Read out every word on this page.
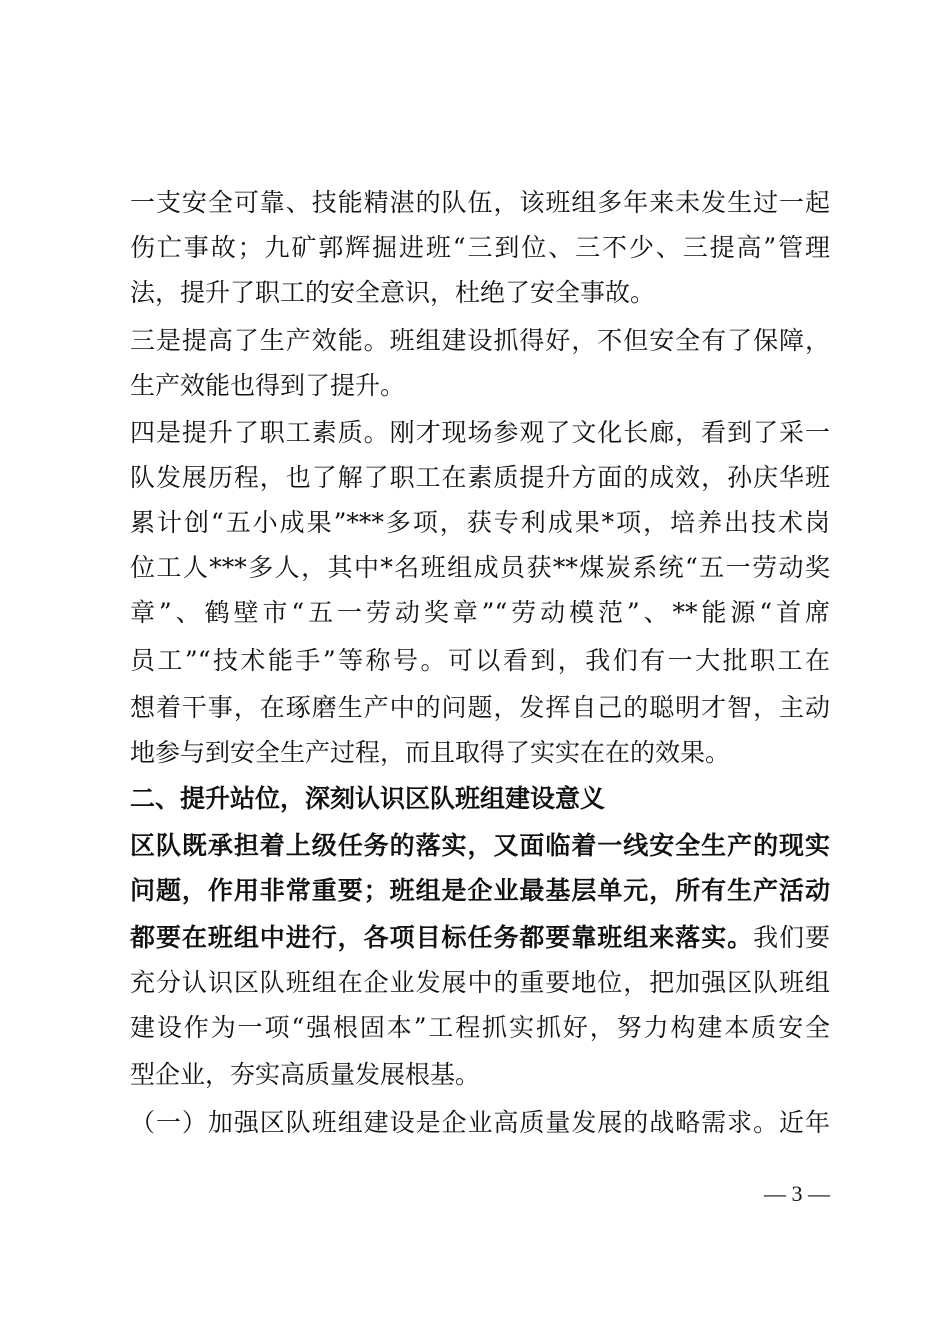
一支安全可靠、技能精湛的队伍，该班组多年来未发生过一起
伤亡事故；九矿郭辉掘进班“三到位、三不少、三提高”管理
法，提升了职工的安全意识，杜绝了安全事故。
三是提高了生产效能。班组建设抓得好，不但安全有了保障，
生产效能也得到了提升。
四是提升了职工素质。刚才现场参观了文化长廊，看到了采一
队发展历程，也了解了职工在素质提升方面的成效，孙庆华班
累计创“五小成果”***多项，获专利成果*项，培养出技术岗
位工人***多人，其中*名班组成员获**煤炭系统“五一劳动奖
章”、鹤壁市“五一劳动奖章”“劳动模范”、**能源“首席
员工”“技术能手”等称号。可以看到，我们有一大批职工在
想着干事，在琢磨生产中的问题，发挥自己的聪明才智，主动
地参与到安全生产过程，而且取得了实实在在的效果。
二、提升站位，深刻认识区队班组建设意义
区队既承担着上级任务的落实，又面临着一线安全生产的现实
问题，作用非常重要；班组是企业最基层单元，所有生产活动
都要在班组中进行，各项目标任务都要靠班组来落实。我们要
充分认识区队班组在企业发展中的重要地位，把加强区队班组
建设作为一项“强根固本”工程抓实抓好，努力构建本质安全
型企业，夯实高质量发展根基。
（一）加强区队班组建设是企业高质量发展的战略需求。近年
— 3 —
